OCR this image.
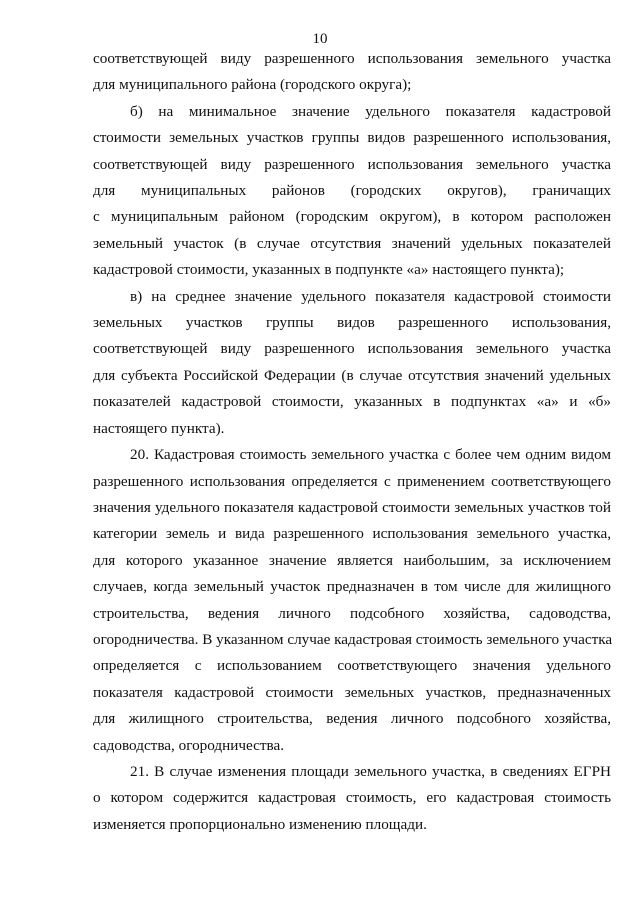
10
соответствующей виду разрешенного использования земельного участка
для муниципального района (городского округа);
б) на минимальное значение удельного показателя кадастровой
стоимости земельных участков группы видов разрешенного использования,
соответствующей виду разрешенного использования земельного участка
для муниципальных районов (городских округов), граничащих
с муниципальным районом (городским округом), в котором расположен
земельный участок (в случае отсутствия значений удельных показателей
кадастровой стоимости, указанных в подпункте «а» настоящего пункта);
в) на среднее значение удельного показателя кадастровой стоимости
земельных участков группы видов разрешенного использования,
соответствующей виду разрешенного использования земельного участка
для субъекта Российской Федерации (в случае отсутствия значений удельных
показателей кадастровой стоимости, указанных в подпунктах «а» и «б»
настоящего пункта).
20. Кадастровая стоимость земельного участка с более чем одним видом
разрешенного использования определяется с применением соответствующего
значения удельного показателя кадастровой стоимости земельных участков той
категории земель и вида разрешенного использования земельного участка,
для которого указанное значение является наибольшим, за исключением
случаев, когда земельный участок предназначен в том числе для жилищного
строительства, ведения личного подсобного хозяйства, садоводства,
огородничества. В указанном случае кадастровая стоимость земельного участка
определяется с использованием соответствующего значения удельного
показателя кадастровой стоимости земельных участков, предназначенных
для жилищного строительства, ведения личного подсобного хозяйства,
садоводства, огородничества.
21. В случае изменения площади земельного участка, в сведениях ЕГРН
о котором содержится кадастровая стоимость, его кадастровая стоимость
изменяется пропорционально изменению площади.
